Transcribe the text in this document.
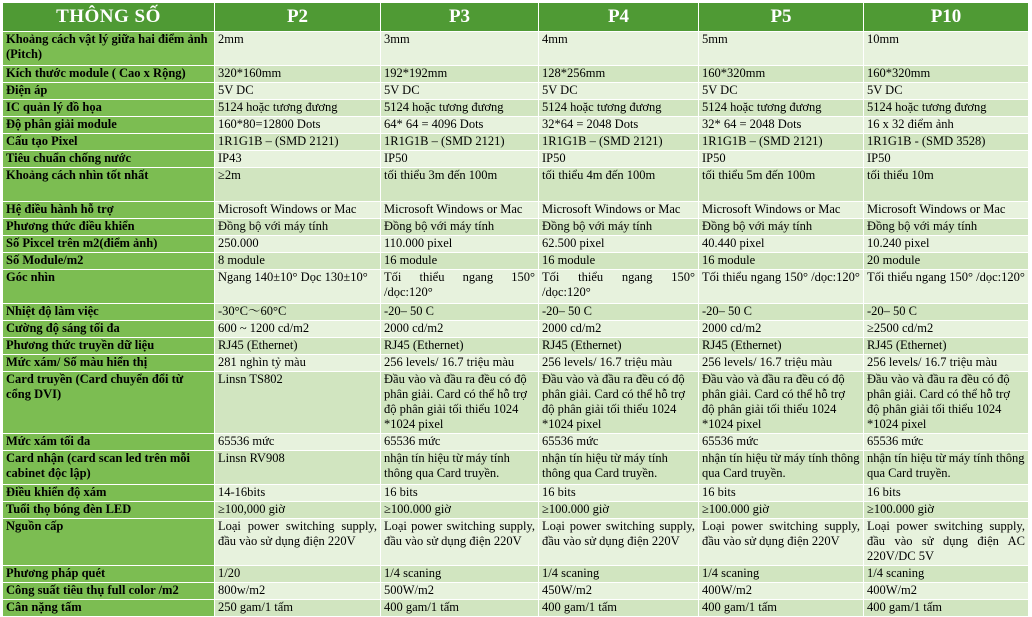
THÔNG SỐ	P2	P3	P4	P5	P10
Khoảng cách vật lý giữa hai điểm ảnh (Pitch)	2mm	3mm	4mm	5mm	10mm
Kích thước module ( Cao x Rộng)	320*160mm	192*192mm	128*256mm	160*320mm	160*320mm
Điện áp	5V DC	5V DC	5V DC	5V DC	5V DC
IC quản lý đồ họa	5124 hoặc tương đương	5124 hoặc tương đương	5124 hoặc tương đương	5124 hoặc tương đương	5124 hoặc tương đương
Độ phân giải module	160*80=12800 Dots	64* 64 = 4096 Dots	32*64 = 2048 Dots	32* 64 = 2048 Dots	16 x 32 điểm ảnh
Cấu tạo Pixel	1R1G1B – (SMD 2121)	1R1G1B – (SMD 2121)	1R1G1B – (SMD 2121)	1R1G1B – (SMD 2121)	1R1G1B - (SMD 3528)
Tiêu chuẩn chống nước	IP43	IP50	IP50	IP50	IP50
Khoảng cách nhìn tốt nhất	≥2m	tối thiểu 3m đến 100m	tối thiểu 4m đến 100m	tối thiểu 5m đến 100m	tối thiểu 10m
Hệ điều hành hỗ trợ	Microsoft Windows or Mac	Microsoft Windows or Mac	Microsoft Windows or Mac	Microsoft Windows or Mac	Microsoft Windows or Mac
Phương thức điều khiển	Đồng bộ với máy tính	Đồng bộ với máy tính	Đồng bộ với máy tính	Đồng bộ với máy tính	Đồng bộ với máy tính
Số Pixcel trên m2(điểm ảnh)	250.000	110.000 pixel	62.500 pixel	40.440 pixel	10.240 pixel
Số Module/m2	8 module	16 module	16 module	16 module	20 module
Góc nhìn	Ngang 140±10° Dọc 130±10°	Tối thiểu ngang 150° /dọc:120°	Tối thiểu ngang 150° /dọc:120°	Tối thiểu ngang 150° /dọc:120°	Tối thiểu ngang 150° /dọc:120°
Nhiệt độ làm việc	-30°C～60°C	-20– 50 C	-20– 50 C	-20– 50 C	-20– 50 C
Cường độ sáng tối đa	600 ~ 1200 cd/m2	2000 cd/m2	2000 cd/m2	2000 cd/m2	≥2500 cd/m2
Phương thức truyền dữ liệu	RJ45 (Ethernet)	RJ45 (Ethernet)	RJ45 (Ethernet)	RJ45 (Ethernet)	RJ45 (Ethernet)
Mức xám/ Số màu hiển thị	281 nghìn tỷ màu	256 levels/ 16.7 triệu màu	256 levels/ 16.7 triệu màu	256 levels/ 16.7 triệu màu	256 levels/ 16.7 triệu màu
Card truyền (Card chuyển đổi từ cổng DVI)	Linsn TS802	Đầu vào và đầu ra đều có độ phân giải. Card có thể hỗ trợ độ phân giải tối thiểu 1024 *1024 pixel	Đầu vào và đầu ra đều có độ phân giải. Card có thể hỗ trợ độ phân giải tối thiểu 1024 *1024 pixel	Đầu vào và đầu ra đều có độ phân giải. Card có thể hỗ trợ độ phân giải tối thiểu 1024 *1024 pixel	Đầu vào và đầu ra đều có độ phân giải. Card có thể hỗ trợ độ phân giải tối thiểu 1024 *1024 pixel
Mức xám tối đa	65536 mức	65536 mức	65536 mức	65536 mức	65536 mức
Card nhận (card scan led trên mỗi cabinet độc lập)	Linsn RV908	nhận tín hiệu từ máy tính thông qua Card truyền.	nhận tín hiệu từ máy tính thông qua Card truyền.	nhận tín hiệu từ máy tính thông qua Card truyền.	nhận tín hiệu từ máy tính thông qua Card truyền.
Điều khiển độ xám	14-16bits	16 bits	16 bits	16 bits	16 bits
Tuổi thọ bóng đèn LED	≥100,000 giờ	≥100.000 giờ	≥100.000 giờ	≥100.000 giờ	≥100.000 giờ
Nguồn cấp	Loại power switching supply, đầu vào sử dụng điện 220V	Loại power switching supply, đầu vào sử dụng điện 220V	Loại power switching supply, đầu vào sử dụng điện 220V	Loại power switching supply, đầu vào sử dụng điện 220V	Loại power switching supply, đầu vào sử dụng điện AC 220V/DC 5V
Phương pháp quét	1/20	1/4 scaning	1/4 scaning	1/4 scaning	1/4 scaning
Công suất tiêu thụ full color /m2	800w/m2	500W/m2	450W/m2	400W/m2	400W/m2
Cân nặng tấm	250 gam/1 tấm	400 gam/1 tấm	400 gam/1 tấm	400 gam/1 tấm	400 gam/1 tấm
